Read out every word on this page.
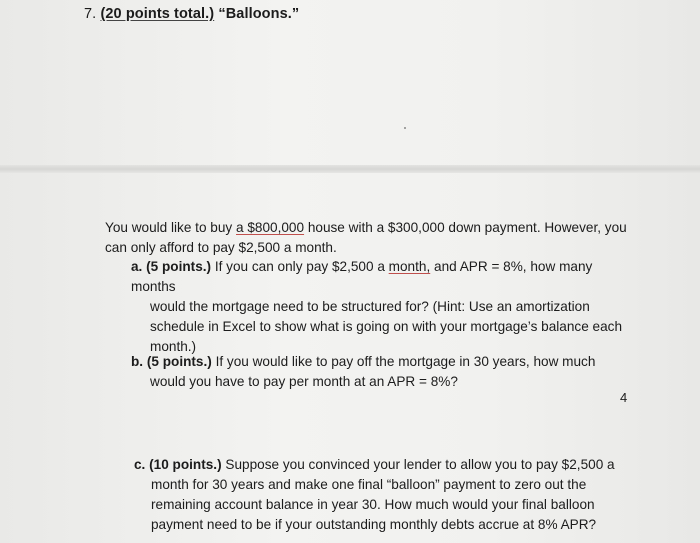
7. (20 points total.) “Balloons.”
You would like to buy a $800,000 house with a $300,000 down payment. However, you
can only afford to pay $2,500 a month.
a. (5 points.) If you can only pay $2,500 a month, and APR = 8%, how many months
would the mortgage need to be structured for? (Hint: Use an amortization
schedule in Excel to show what is going on with your mortgage’s balance each
month.)
b. (5 points.) If you would like to pay off the mortgage in 30 years, how much
would you have to pay per month at an APR = 8%?
4
c. (10 points.) Suppose you convinced your lender to allow you to pay $2,500 a
month for 30 years and make one final “balloon” payment to zero out the
remaining account balance in year 30. How much would your final balloon
payment need to be if your outstanding monthly debts accrue at 8% APR?
